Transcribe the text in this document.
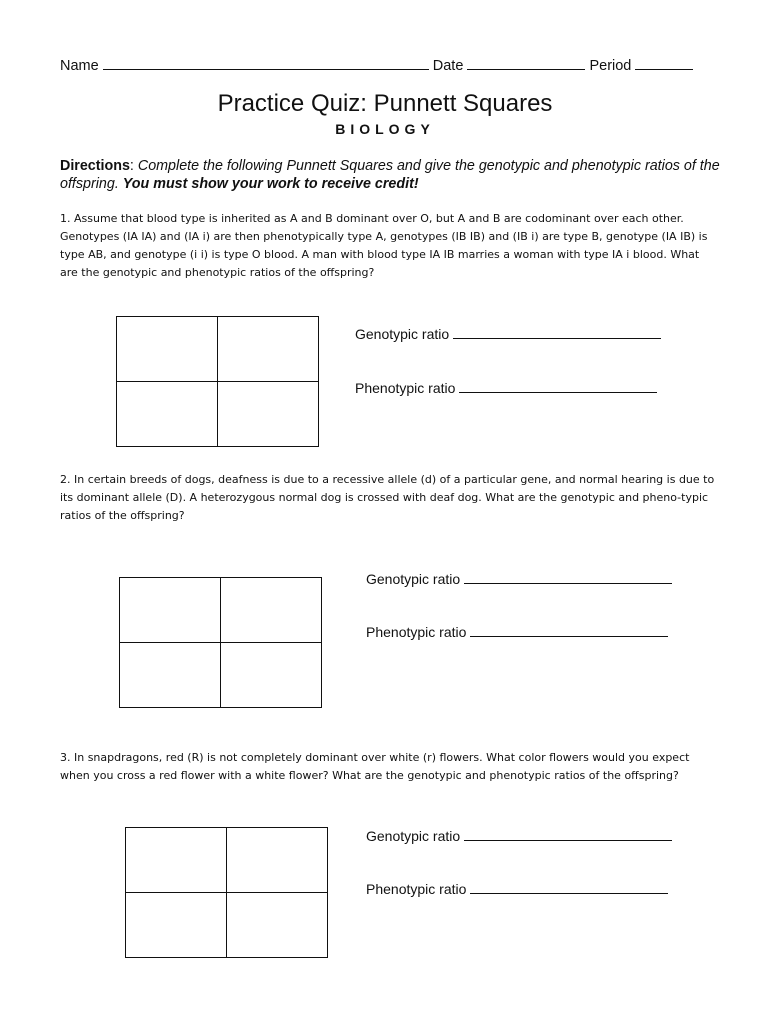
Name	Date	Period
Practice Quiz: Punnett Squares
BIOLOGY
Directions: Complete the following Punnett Squares and give the genotypic and phenotypic ratios of the offspring. You must show your work to receive credit!
1. Assume that blood type is inherited as A and B dominant over O, but A and B are codominant over each other. Genotypes (IA IA) and (IA i) are then phenotypically type A, genotypes (IB IB) and (IB i) are type B, genotype (IA IB) is type AB, and genotype (i i) is type O blood. A man with blood type IA IB marries a woman with type IA i blood. What are the genotypic and phenotypic ratios of the offspring?

Genotypic ratio
Phenotypic ratio
2. In certain breeds of dogs, deafness is due to a recessive allele (d) of a particular gene, and normal hearing is due to its dominant allele (D). A heterozygous normal dog is crossed with deaf dog. What are the genotypic and pheno-typic ratios of the offspring?

Genotypic ratio
Phenotypic ratio
3. In snapdragons, red (R) is not completely dominant over white (r) flowers. What color flowers would you expect when you cross a red flower with a white flower? What are the genotypic and phenotypic ratios of the offspring?

Genotypic ratio
Phenotypic ratio
